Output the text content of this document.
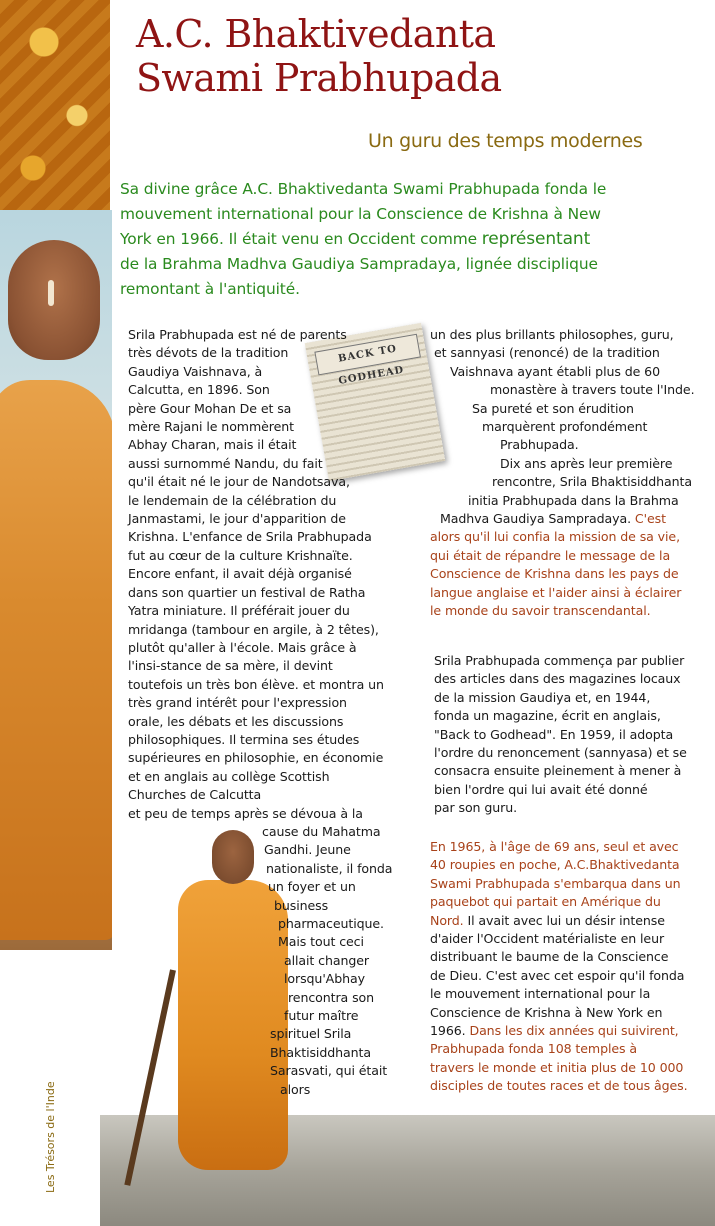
BACK TO GODHEAD
A.C. Bhaktivedanta
Swami Prabhupada
Un guru des temps modernes

Sa divine grâce A.C. Bhaktivedanta Swami Prabhupada fonda le
mouvement international pour la Conscience de Krishna à New
York en 1966. Il était venu en Occident comme représentant
de la Brahma Madhva Gaudiya Sampradaya, lignée disciplique
remontant à l'antiquité.

Srila Prabhupada est né de parents
très dévots de la tradition
Gaudiya Vaishnava, à
Calcutta, en 1896. Son
père Gour Mohan De et sa
mère Rajani le nommèrent
Abhay Charan, mais il était
aussi surnommé Nandu, du fait
qu'il était né le jour de Nandotsava,
le lendemain de la célébration du
Janmastami, le jour d'apparition de
Krishna. L'enfance de Srila Prabhupada
fut au cœur de la culture Krishnaïte.
Encore enfant, il avait déjà organisé
dans son quartier un festival de Ratha
Yatra miniature. Il préférait jouer du
mridanga (tambour en argile, à 2 têtes),
plutôt qu'aller à l'école. Mais grâce à
l'insi-stance de sa mère, il devint
toutefois un très bon élève. et montra un
très grand intérêt pour l'expression
orale, les débats et les discussions
philosophiques. Il termina ses études
supérieures en philosophie, en économie
et en anglais au collège Scottish
Churches de Calcutta
et peu de temps après se dévoua à la
cause du Mahatma
Gandhi. Jeune
nationaliste, il fonda
un foyer et un
business
pharmaceutique.
Mais tout ceci
allait changer
lorsqu'Abhay
rencontra son
futur maître
spirituel Srila
Bhaktisiddhanta
Sarasvati, qui était
alors

un des plus brillants philosophes, guru,
et sannyasi (renoncé) de la tradition
Vaishnava ayant établi plus de 60
monastère à travers toute l'Inde.
Sa pureté et son érudition
marquèrent profondément
Prabhupada.
Dix ans après leur première
rencontre, Srila Bhaktisiddhanta
initia Prabhupada dans la Brahma
Madhva Gaudiya Sampradaya. C'est
alors qu'il lui confia la mission de sa vie,
qui était de répandre le message de la
Conscience de Krishna dans les pays de
langue anglaise et l'aider ainsi à éclairer
le monde du savoir transcendantal.

Srila Prabhupada commença par publier
des articles dans des magazines locaux
de la mission Gaudiya et, en 1944,
fonda un magazine, écrit en anglais,
"Back to Godhead". En 1959, il adopta
l'ordre du renoncement (sannyasa) et se
consacra ensuite pleinement à mener à
bien l'ordre qui lui avait été donné
par son guru.

En 1965, à l'âge de 69 ans, seul et avec
40 roupies en poche, A.C.Bhaktivedanta
Swami Prabhupada s'embarqua dans un
paquebot qui partait en Amérique du
Nord. Il avait avec lui un désir intense
d'aider l'Occident matérialiste en leur
distribuant le baume de la Conscience
de Dieu. C'est avec cet espoir qu'il fonda
le mouvement international pour la
Conscience de Krishna à New York en
1966. Dans les dix années qui suivirent,
Prabhupada fonda 108 temples à
travers le monde et initia plus de 10 000
disciples de toutes races et de tous âges.

Les Trésors de l'Inde
